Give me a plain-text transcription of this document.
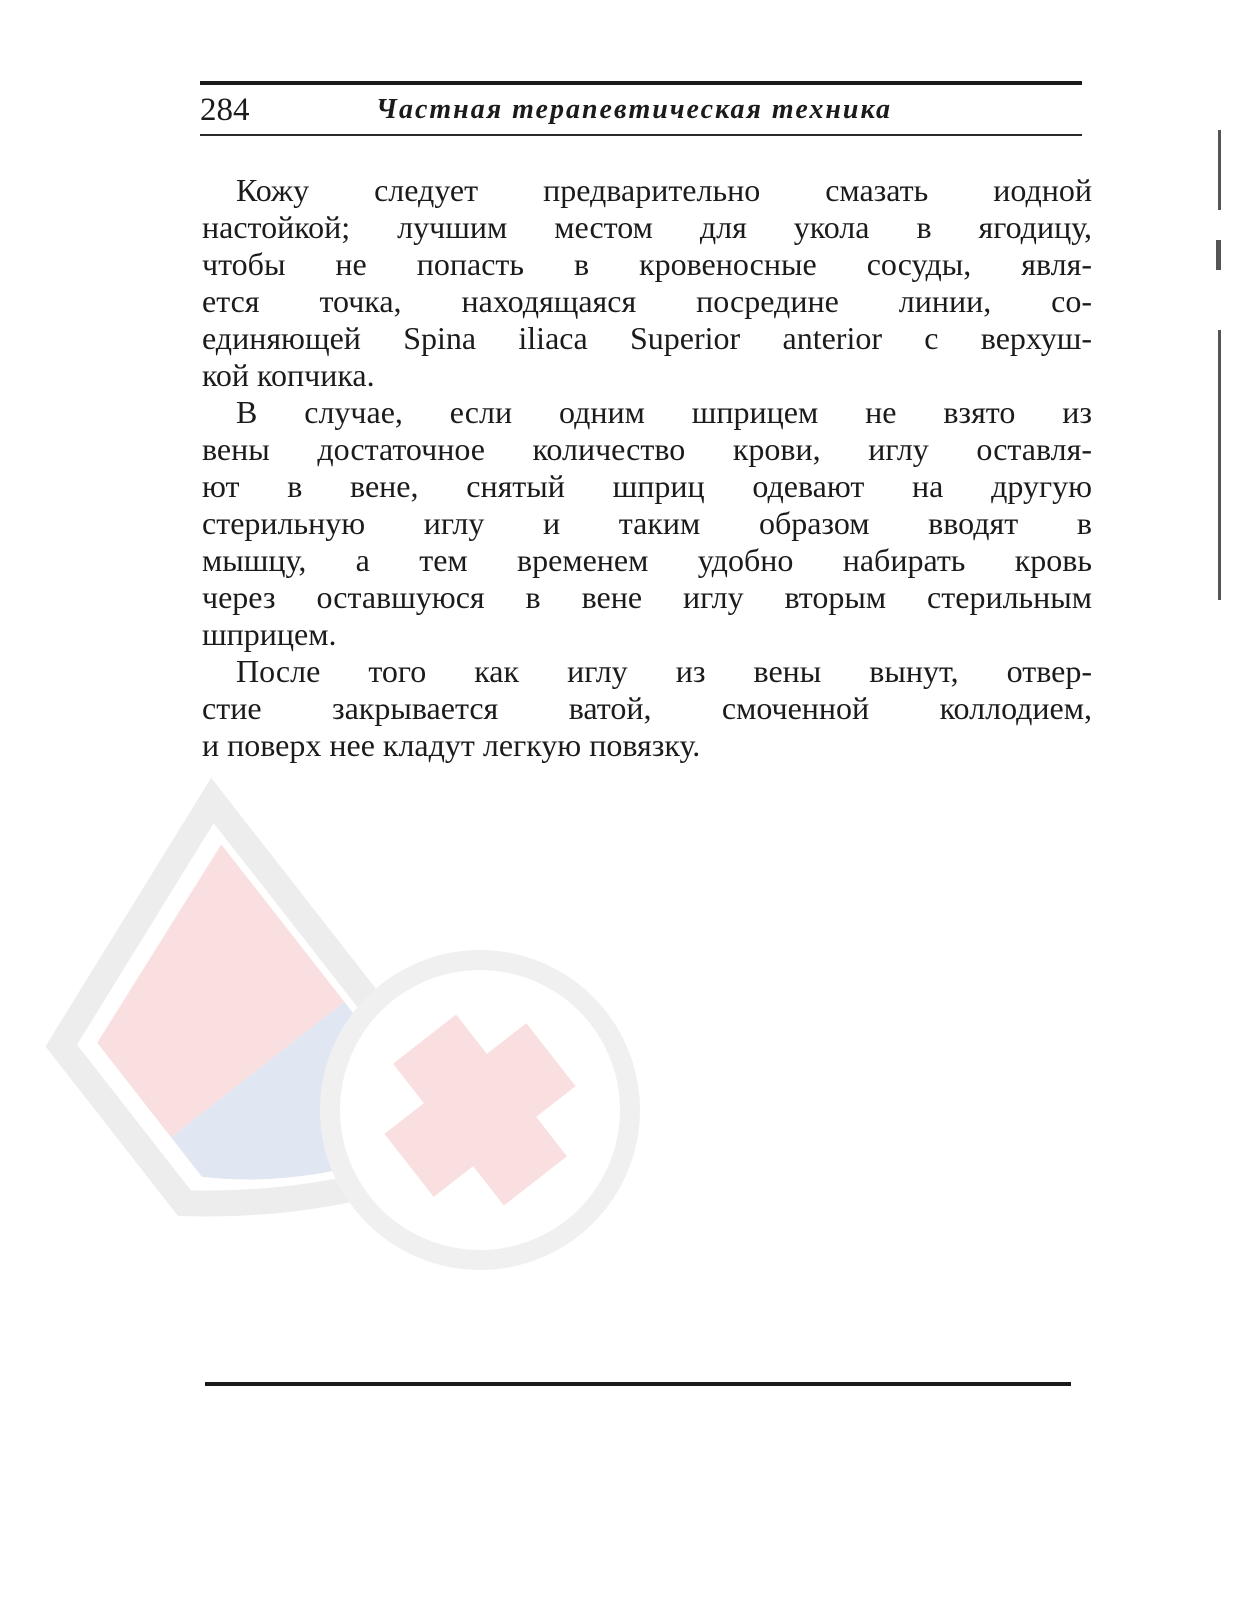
284	Частная терапевтическая техника

Кожу следует предварительно смазать иодной
настойкой; лучшим местом для укола в ягодицу,
чтобы не попасть в кровеносные сосуды, явля-
ется точка, находящаяся посредине линии, со-
единяющей Spina iliaca Superior anterior с верхуш-
кой копчика.

В случае, если одним шприцем не взято из
вены достаточное количество крови, иглу оставля-
ют в вене, снятый шприц одевают на другую
стерильную иглу и таким образом вводят в
мышцу, а тем временем удобно набирать кровь
через оставшуюся в вене иглу вторым стерильным
шприцем.

После того как иглу из вены вынут, отвер-
стие закрывается ватой, смоченной коллодием,
и поверх нее кладут легкую повязку.
